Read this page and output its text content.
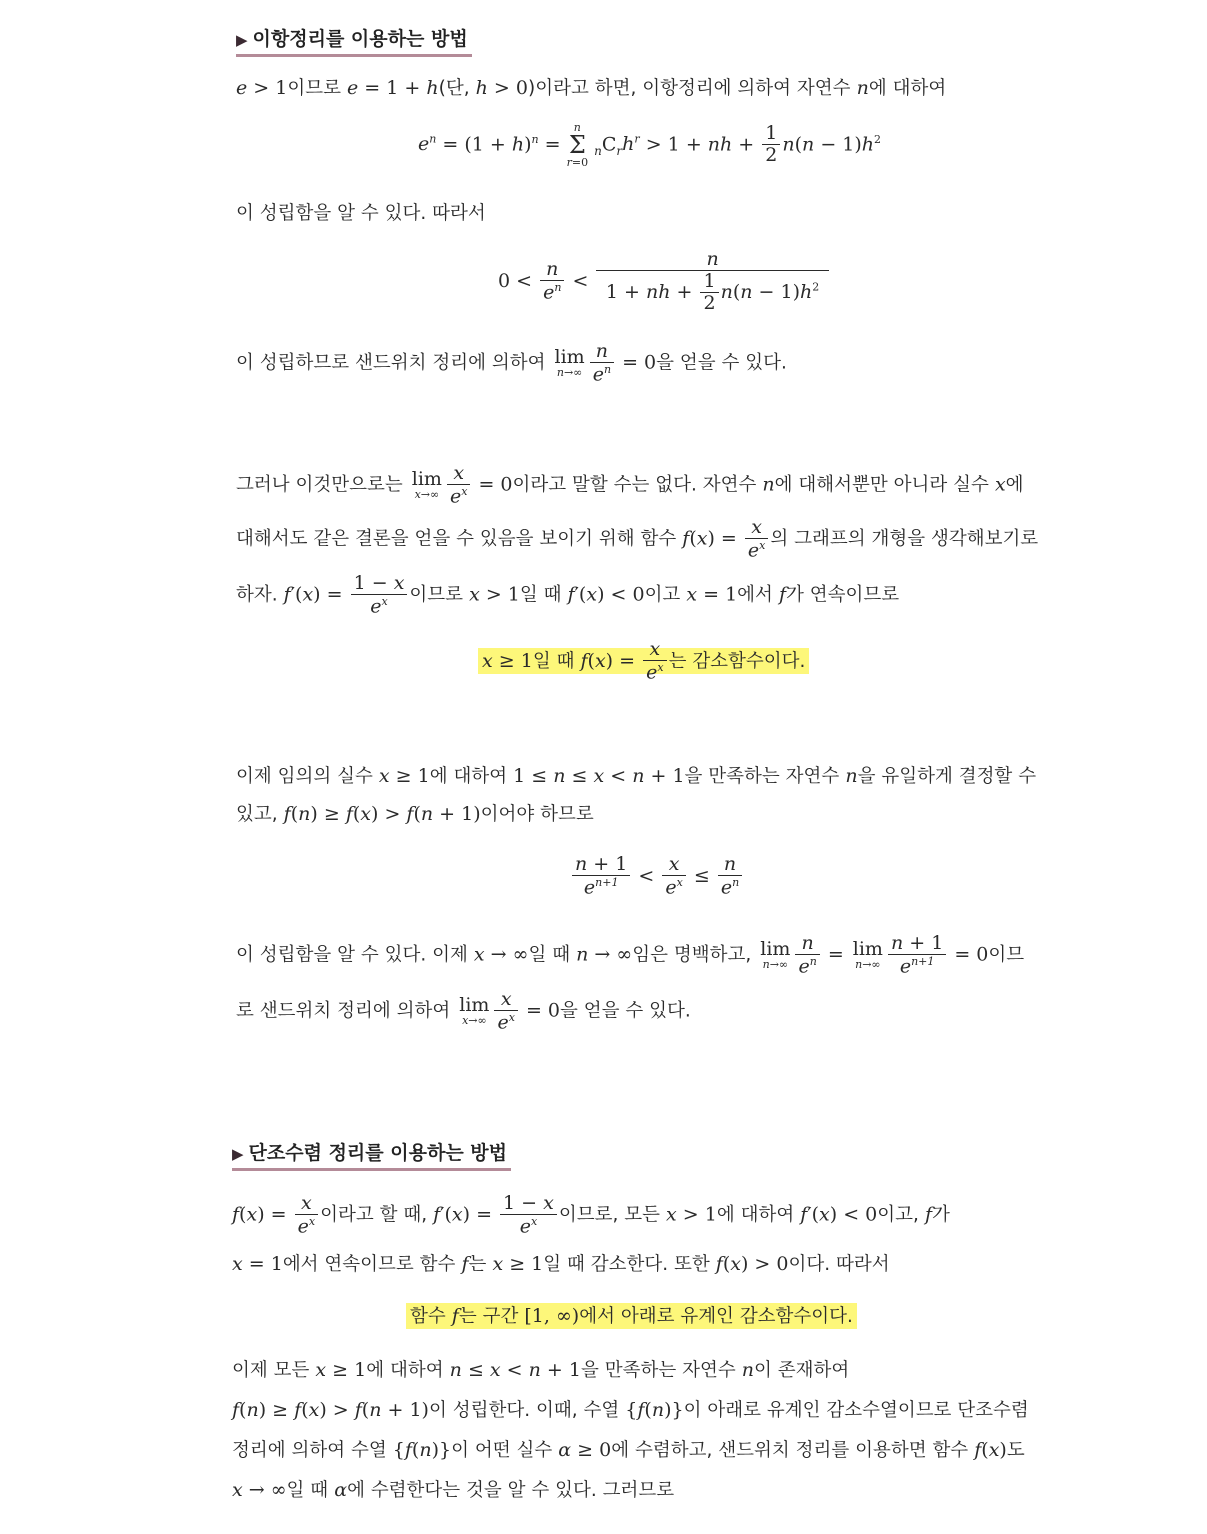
▶ 이항정리를 이용하는 방법
e > 1이므로 e = 1 + h(단, h > 0)이라고 하면, 이항정리에 의하여 자연수 n에 대하여
$e^n = (1 + h)^n$ =
n
Σ
r=0
$_nC_rh^r > 1$ + nh + $\frac{1}{2} n(n - 1)h^2$
이 성립함을 알 수 있다. 따라서
$0 < \frac{n}{e^n} < \frac{n}{1 + nh + \frac{1}{2} n(n - 1)h^2}$
이 성립하므로 샌드위치 정리에 의하여 lim
$n\to\infty \frac{n}{e^n} = 0$을 얻을 수 있다.
그러나 이것만으로는 lim
$x\to\infty \frac{x}{e^x} = 0$이라고 말할 수는 없다. 자연수 n에 대해서뿐만 아니라 실수 x에
대해서도 같은 결론을 얻을 수 있음을 보이기 위해 함수 $f(x) = \frac{x}{e^x}$ 의 그래프의 개형을 생각해보기로
하자. $f'(x) = \frac{1 - x}{e^x}$ 이므로 x > 1일 때 f′(x) < 0이고 x = 1에서 f가 연속이므로
x ≥ 1일 때 $f(x) = \frac{x}{e^x}$ 는 감소함수이다.
이제 임의의 실수 x ≥ 1에 대하여 1 ≤ n ≤ x < n + 1을 만족하는 자연수 n을 유일하게 결정할 수
있고, f(n) ≥ f(x) > f(n + 1)이어야 하므로
$\frac{n + 1}{e^{n+1}} < \frac{x}{e^x} \le \frac{n}{e^n}$
이 성립함을 알 수 있다. 이제 x → ∞일 때 n → ∞임은 명백하고, lim
$n\to\infty \frac{n}{e^n} = \lim$
$n\to\infty \frac{n + 1}{e^{n+1}} = 0$이므
로 샌드위치 정리에 의하여 lim
$x\to\infty \frac{x}{e^x} = 0$을 얻을 수 있다.
▶ 단조수렴 정리를 이용하는 방법
$f(x) = \frac{x}{e^x}$ 이라고 할 때, $f'(x) = \frac{1 - x}{e^x}$ 이므로, 모든 x > 1에 대하여 f′(x) < 0이고, f가
x = 1에서 연속이므로 함수 f는 x ≥ 1일 때 감소한다. 또한 f(x) > 0이다. 따라서
함수 f는 구간 [1, ∞)에서 아래로 유계인 감소함수이다.
이제 모든 x ≥ 1에 대하여 n ≤ x < n + 1을 만족하는 자연수 n이 존재하여
f(n) ≥ f(x) > f(n + 1)이 성립한다. 이때, 수열 {f(n)}이 아래로 유계인 감소수열이므로 단조수렴
정리에 의하여 수열 {f(n)}이 어떤 실수 α ≥ 0에 수렴하고, 샌드위치 정리를 이용하면 함수 f(x)도
x → ∞일 때 α에 수렴한다는 것을 알 수 있다. 그러므로
